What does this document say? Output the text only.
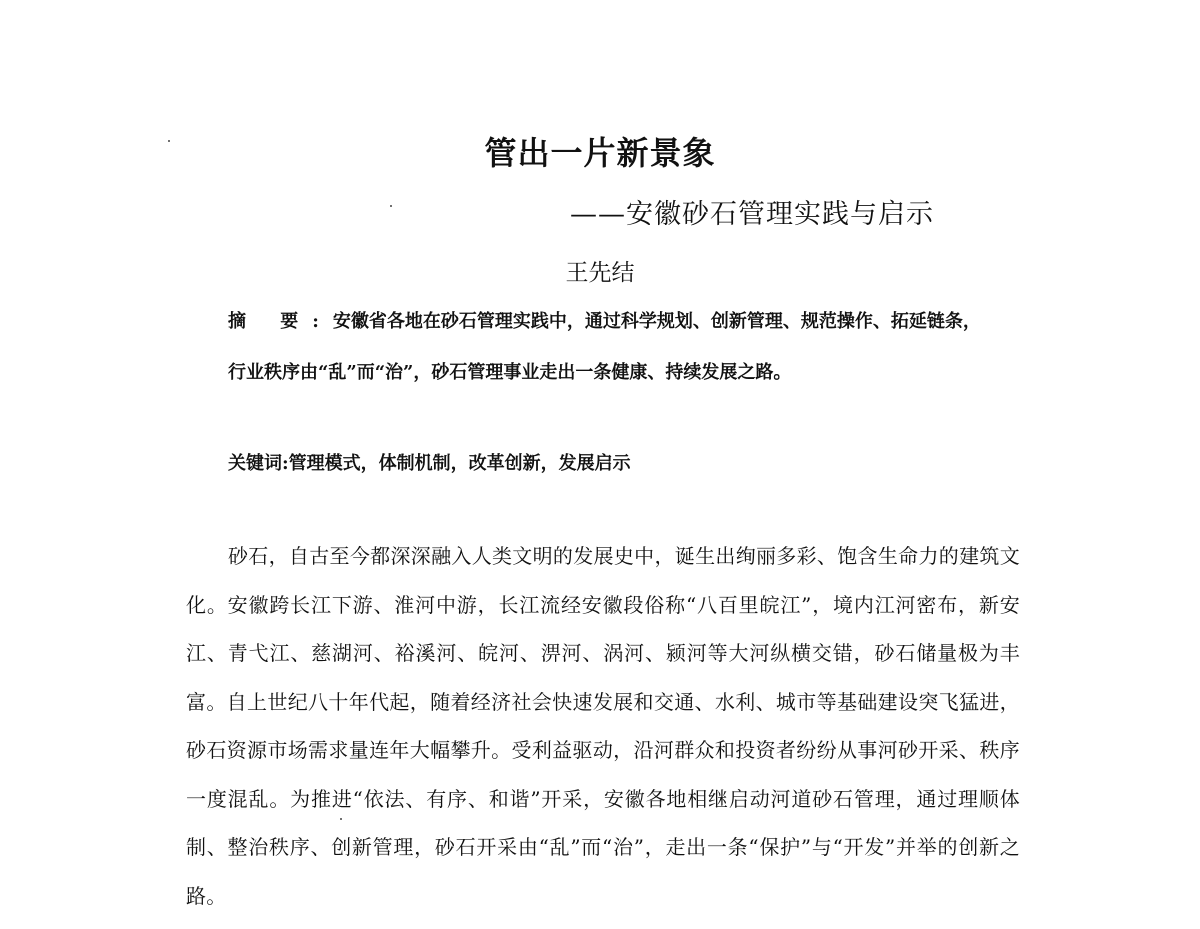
管出一片新景象
——安徽砂石管理实践与启示
王先结
摘 要:安徽省各地在砂石管理实践中，通过科学规划、创新管理、规范操作、拓延链条，行业秩序由“乱”而“治”，砂石管理事业走出一条健康、持续发展之路。
关键词:管理模式，体制机制，改革创新，发展启示
砂石，自古至今都深深融入人类文明的发展史中，诞生出绚丽多彩、饱含生命力的建筑文化。安徽跨长江下游、淮河中游，长江流经安徽段俗称“八百里皖江”，境内江河密布，新安江、青弋江、慈湖河、裕溪河、皖河、淠河、涡河、颍河等大河纵横交错，砂石储量极为丰富。自上世纪八十年代起，随着经济社会快速发展和交通、水利、城市等基础建设突飞猛进，砂石资源市场需求量连年大幅攀升。受利益驱动，沿河群众和投资者纷纷从事河砂开采、秩序一度混乱。为推进“依法、有序、和谐”开采，安徽各地相继启动河道砂石管理，通过理顺体制、整治秩序、创新管理，砂石开采由“乱”而“治”，走出一条“保护”与“开发”并举的创新之路。
